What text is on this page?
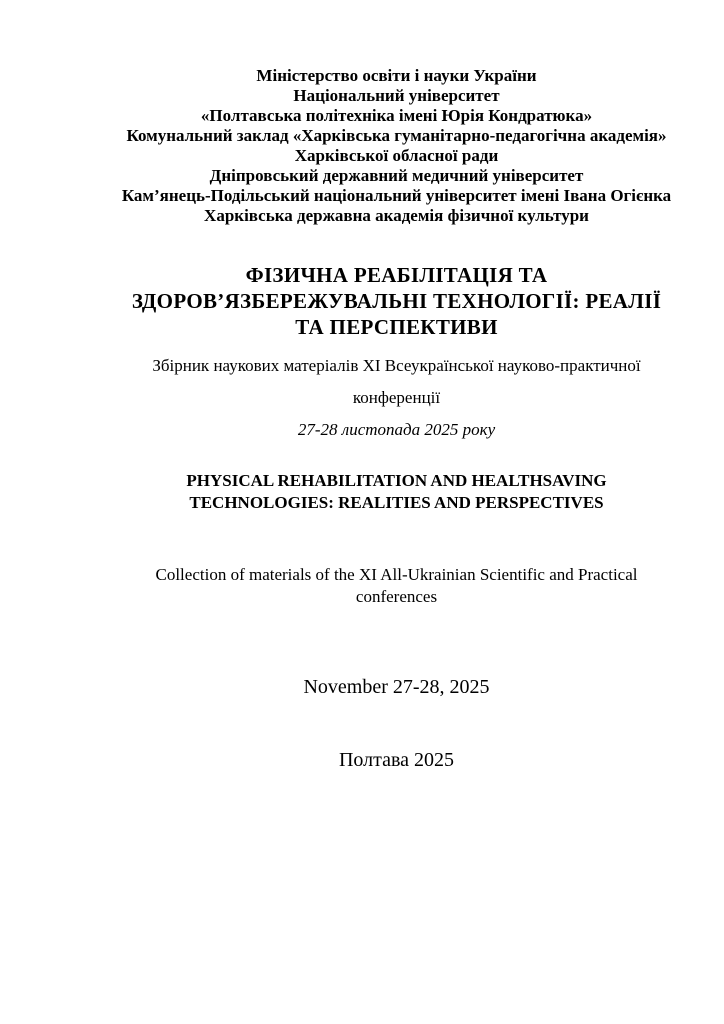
Міністерство освіти і науки України
Національний університет
«Полтавська політехніка імені Юрія Кондратюка»
Комунальний заклад «Харківська гуманітарно-педагогічна академія»
Харківської обласної ради
Дніпровський державний медичний університет
Кам’янець-Подільський національний університет імені Івана Огієнка
Харківська державна академія фізичної культури
ФІЗИЧНА РЕАБІЛІТАЦІЯ ТА
ЗДОРОВ’ЯЗБЕРЕЖУВАЛЬНІ ТЕХНОЛОГІЇ: РЕАЛІЇ
ТА ПЕРСПЕКТИВИ
Збірник наукових матеріалів XI Всеукраїнської науково-практичної
конференції
27-28 листопада 2025 року
PHYSICAL REHABILITATION AND HEALTHSAVING
TECHNOLOGIES: REALITIES AND PERSPECTIVES
Collection of materials of the XI All-Ukrainian Scientific and Practical
conferences
November 27-28, 2025
Полтава 2025
